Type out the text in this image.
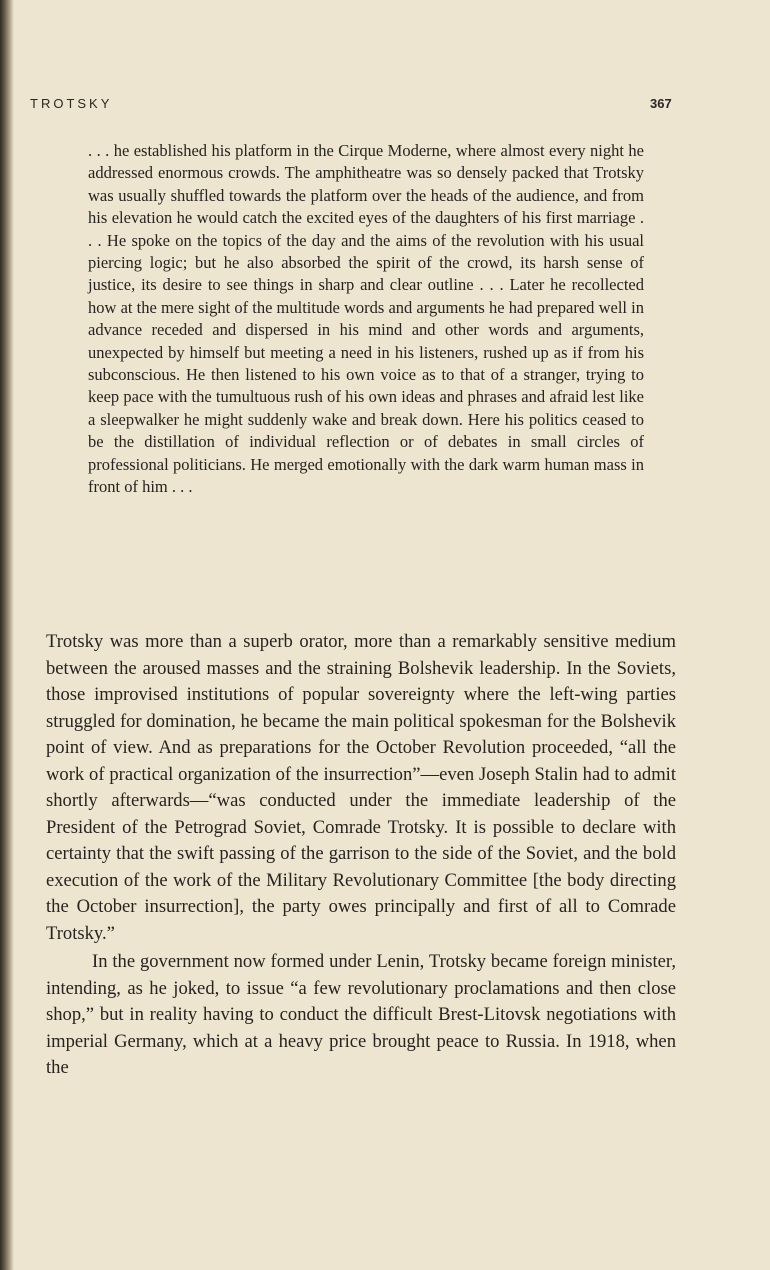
TROTSKY	367

. . . he established his platform in the Cirque Moderne, where almost every night he addressed enormous crowds. The amphitheatre was so densely packed that Trotsky was usually shuffled towards the platform over the heads of the audience, and from his elevation he would catch the excited eyes of the daughters of his first marriage . . . He spoke on the topics of the day and the aims of the revolution with his usual piercing logic; but he also absorbed the spirit of the crowd, its harsh sense of justice, its desire to see things in sharp and clear outline . . . Later he recollected how at the mere sight of the multitude words and arguments he had prepared well in advance receded and dispersed in his mind and other words and arguments, unexpected by himself but meeting a need in his listeners, rushed up as if from his subconscious. He then listened to his own voice as to that of a stranger, trying to keep pace with the tumultuous rush of his own ideas and phrases and afraid lest like a sleepwalker he might suddenly wake and break down. Here his politics ceased to be the distillation of individual reflection or of debates in small circles of professional politicians. He merged emotionally with the dark warm human mass in front of him . . .

Trotsky was more than a superb orator, more than a remarkably sensitive medium between the aroused masses and the straining Bolshevik leadership. In the Soviets, those improvised institutions of popular sovereignty where the left-wing parties struggled for domination, he became the main political spokesman for the Bolshevik point of view. And as preparations for the October Revolution proceeded, “all the work of practical organization of the insurrection”—even Joseph Stalin had to admit shortly afterwards—“was conducted under the immediate leadership of the President of the Petrograd Soviet, Comrade Trotsky. It is possible to declare with certainty that the swift passing of the garrison to the side of the Soviet, and the bold execution of the work of the Military Revolutionary Committee [the body directing the October insurrection], the party owes principally and first of all to Comrade Trotsky.”

In the government now formed under Lenin, Trotsky became foreign minister, intending, as he joked, to issue “a few revolutionary proclamations and then close shop,” but in reality having to conduct the difficult Brest-Litovsk negotiations with imperial Germany, which at a heavy price brought peace to Russia. In 1918, when the
